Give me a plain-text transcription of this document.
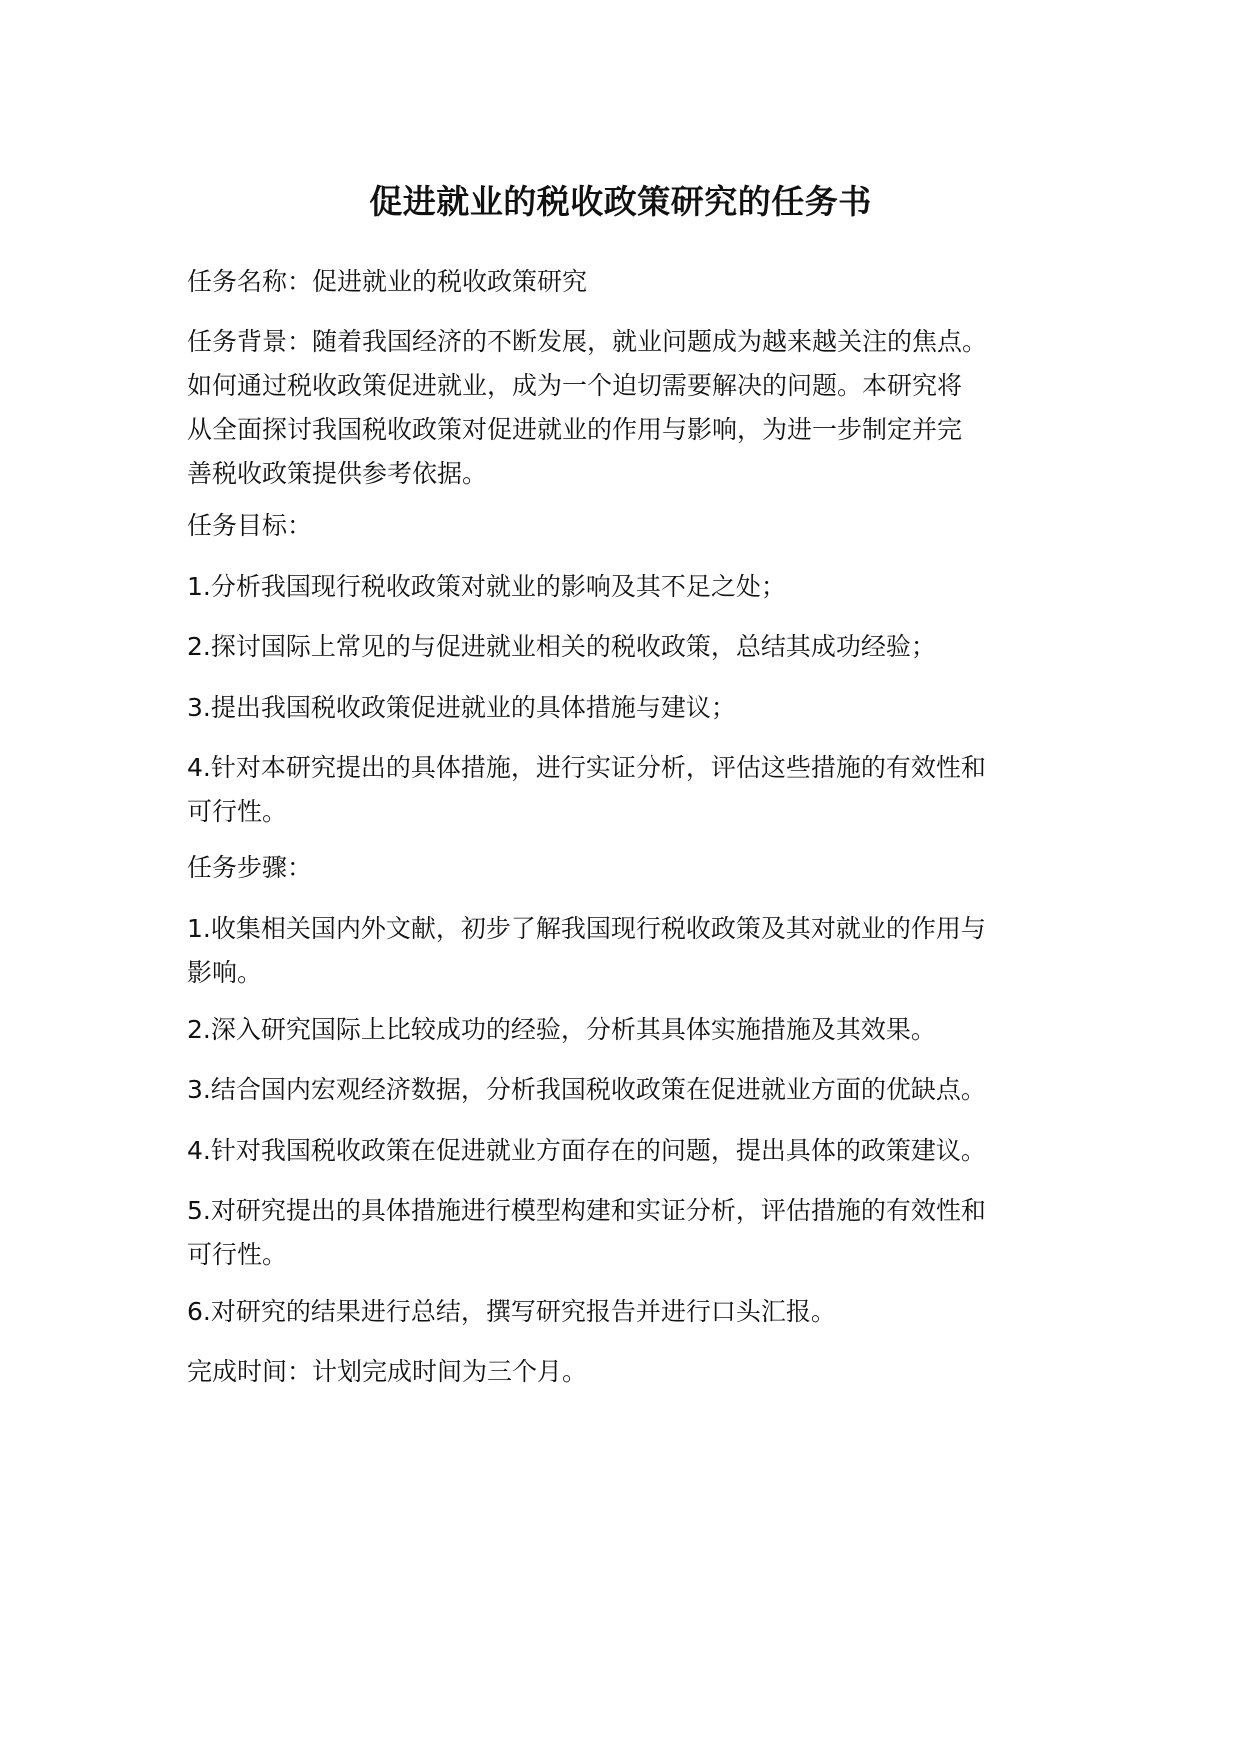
促进就业的税收政策研究的任务书

任务名称：促进就业的税收政策研究

任务背景：随着我国经济的不断发展，就业问题成为越来越关注的焦点。
如何通过税收政策促进就业，成为一个迫切需要解决的问题。本研究将
从全面探讨我国税收政策对促进就业的作用与影响，为进一步制定并完
善税收政策提供参考依据。

任务目标：

1.分析我国现行税收政策对就业的影响及其不足之处；

2.探讨国际上常见的与促进就业相关的税收政策，总结其成功经验；

3.提出我国税收政策促进就业的具体措施与建议；

4.针对本研究提出的具体措施，进行实证分析，评估这些措施的有效性和
可行性。

任务步骤：

1.收集相关国内外文献，初步了解我国现行税收政策及其对就业的作用与
影响。

2.深入研究国际上比较成功的经验，分析其具体实施措施及其效果。

3.结合国内宏观经济数据，分析我国税收政策在促进就业方面的优缺点。

4.针对我国税收政策在促进就业方面存在的问题，提出具体的政策建议。

5.对研究提出的具体措施进行模型构建和实证分析，评估措施的有效性和
可行性。

6.对研究的结果进行总结，撰写研究报告并进行口头汇报。

完成时间：计划完成时间为三个月。
